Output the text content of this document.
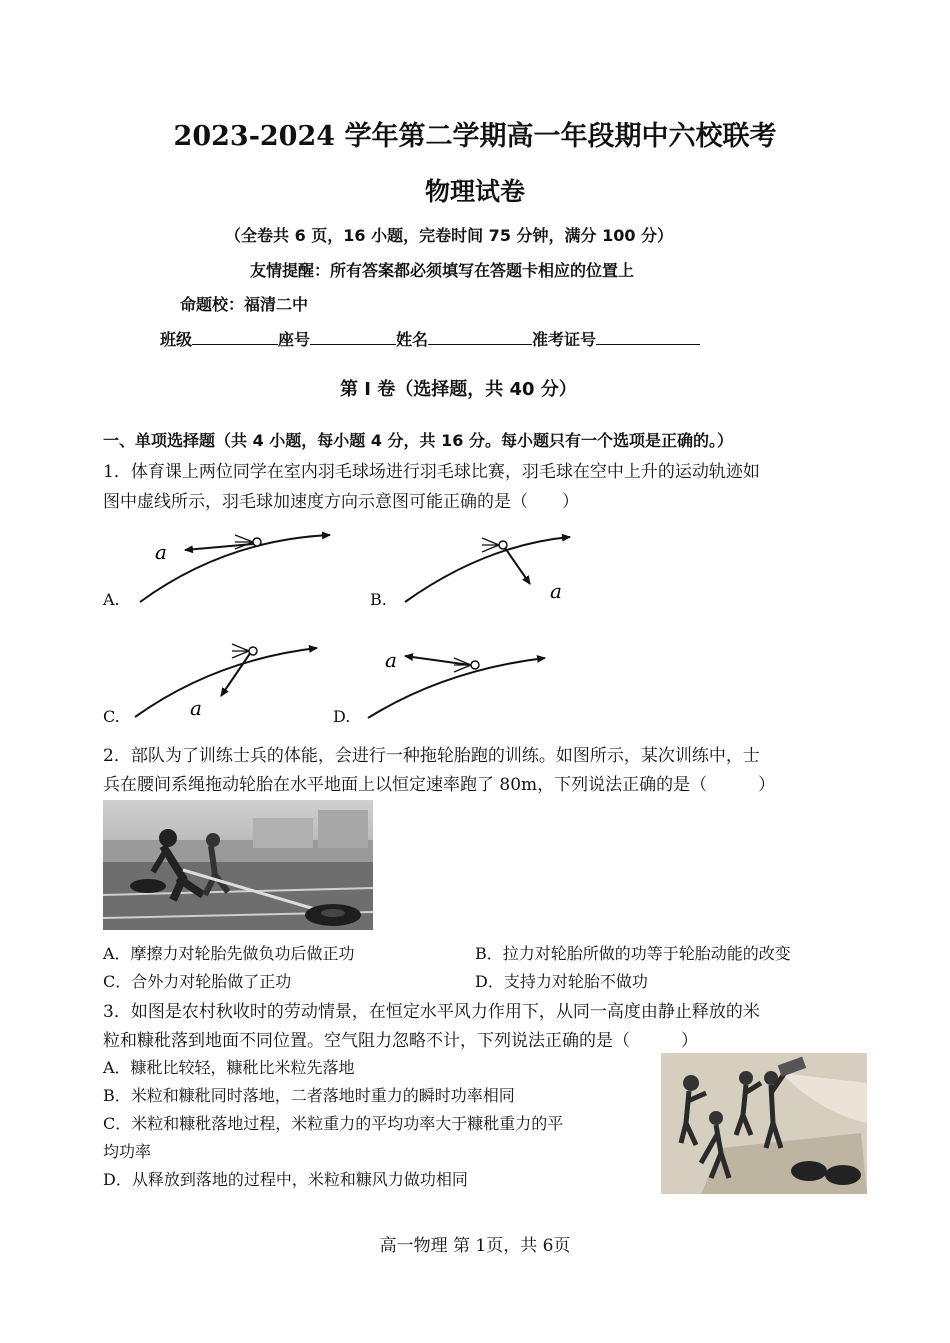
2023-2024 学年第二学期高一年段期中六校联考
物理试卷
（全卷共 6 页，16 小题，完卷时间 75 分钟，满分 100 分）
友情提醒：所有答案都必须填写在答题卡相应的位置上
命题校：福清二中
班级	座号	姓名	准考证号
第 I 卷（选择题，共 40 分）
一、单项选择题（共 4 小题，每小题 4 分，共 16 分。每小题只有一个选项是正确的。）
1．体育课上两位同学在室内羽毛球场进行羽毛球比赛，羽毛球在空中上升的运动轨迹如
图中虚线所示，羽毛球加速度方向示意图可能正确的是（　　）
a
a
a
a
A.	B.
C.	D.
2．部队为了训练士兵的体能，会进行一种拖轮胎跑的训练。如图所示，某次训练中，士
兵在腰间系绳拖动轮胎在水平地面上以恒定速率跑了 80m，下列说法正确的是（　　　）
A．摩擦力对轮胎先做负功后做正功	B．拉力对轮胎所做的功等于轮胎动能的改变
C．合外力对轮胎做了正功	D．支持力对轮胎不做功
3．如图是农村秋收时的劳动情景，在恒定水平风力作用下，从同一高度由静止释放的米
粒和糠秕落到地面不同位置。空气阻力忽略不计，下列说法正确的是（　　　）
A．糠秕比较轻，糠秕比米粒先落地
B．米粒和糠秕同时落地，二者落地时重力的瞬时功率相同
C．米粒和糠秕落地过程，米粒重力的平均功率大于糠秕重力的平
均功率
D．从释放到落地的过程中，米粒和糠风力做功相同
高一物理 第 1页，共 6页
